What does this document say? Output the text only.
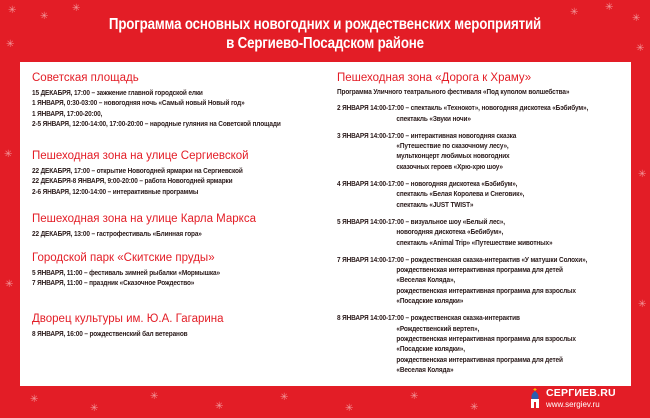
✳
✳
✳	✳	✳
✳
✳	✳
✳
✳
✳
✳
✳
✳
✳
✳
✳
✳
✳
✳
Программа основных новогодних и рождественских мероприятий
в Сергиево-Посадском районе
Советская площадь
15 ДЕКАБРЯ, 17:00 – зажжение главной городской елки
1 ЯНВАРЯ, 0:30-03:00 – новогодняя ночь «Самый новый Новый год»
1 ЯНВАРЯ, 17:00-20:00,
2-5 ЯНВАРЯ, 12:00-14:00, 17:00-20:00 – народные гуляния на Советской площади
Пешеходная зона на улице Сергиевской
22 ДЕКАБРЯ, 17:00 – открытие Новогодней ярмарки на Сергиевской
22 ДЕКАБРЯ-8 ЯНВАРЯ, 9:00-20:00 – работа Новогодней ярмарки
2-6 ЯНВАРЯ, 12:00-14:00 – интерактивные программы
Пешеходная зона на улице Карла Маркса
22 ДЕКАБРЯ, 13:00 – гастрофестиваль «Блинная гора»
Городской парк «Скитские пруды»
5 ЯНВАРЯ, 11:00 – фестиваль зимней рыбалки «Мормышка»
7 ЯНВАРЯ, 11:00 – праздник «Сказочное Рождество»
Дворец культуры им. Ю.А. Гагарина
8 ЯНВАРЯ, 16:00 – рождественский бал ветеранов
Пешеходная зона «Дорога к Храму»
Программа Уличного театрального фестиваля «Под куполом волшебства»
2 ЯНВАРЯ 14:00-17:00 – спектакль «Технокот», новогодняя дискотека «Бэбибум»,
спектакль «Звуки ночи»
3 ЯНВАРЯ 14:00-17:00 – интерактивная новогодняя сказка
«Путешествие по сказочному лесу»,
мультконцерт любимых новогодних
сказочных героев «Хрю-хрю шоу»
4 ЯНВАРЯ 14:00-17:00 – новогодняя дискотека «Бэбибум»,
спектакль «Белая Королева и Снеговик»,
спектакль «JUST TWIST»
5 ЯНВАРЯ 14:00-17:00 – визуальное шоу «Белый лес»,
новогодняя дискотека «Бебибум»,
спектакль «Animal Trip» «Путешествие животных»
7 ЯНВАРЯ 14:00-17:00 – рождественская сказка-интерактив «У матушки Солохи»,
рождественская интерактивная программа для детей
«Веселая Коляда»,
рождественская интерактивная программа для взрослых
«Посадские колядки»
8 ЯНВАРЯ 14:00-17:00 – рождественская сказка-интерактив
«Рождественский вертеп»,
рождественская интерактивная программа для взрослых
«Посадские колядки»,
рождественская интерактивная программа для детей
«Веселая Коляда»
СЕРГИЕВ.RU
www.sergiev.ru
